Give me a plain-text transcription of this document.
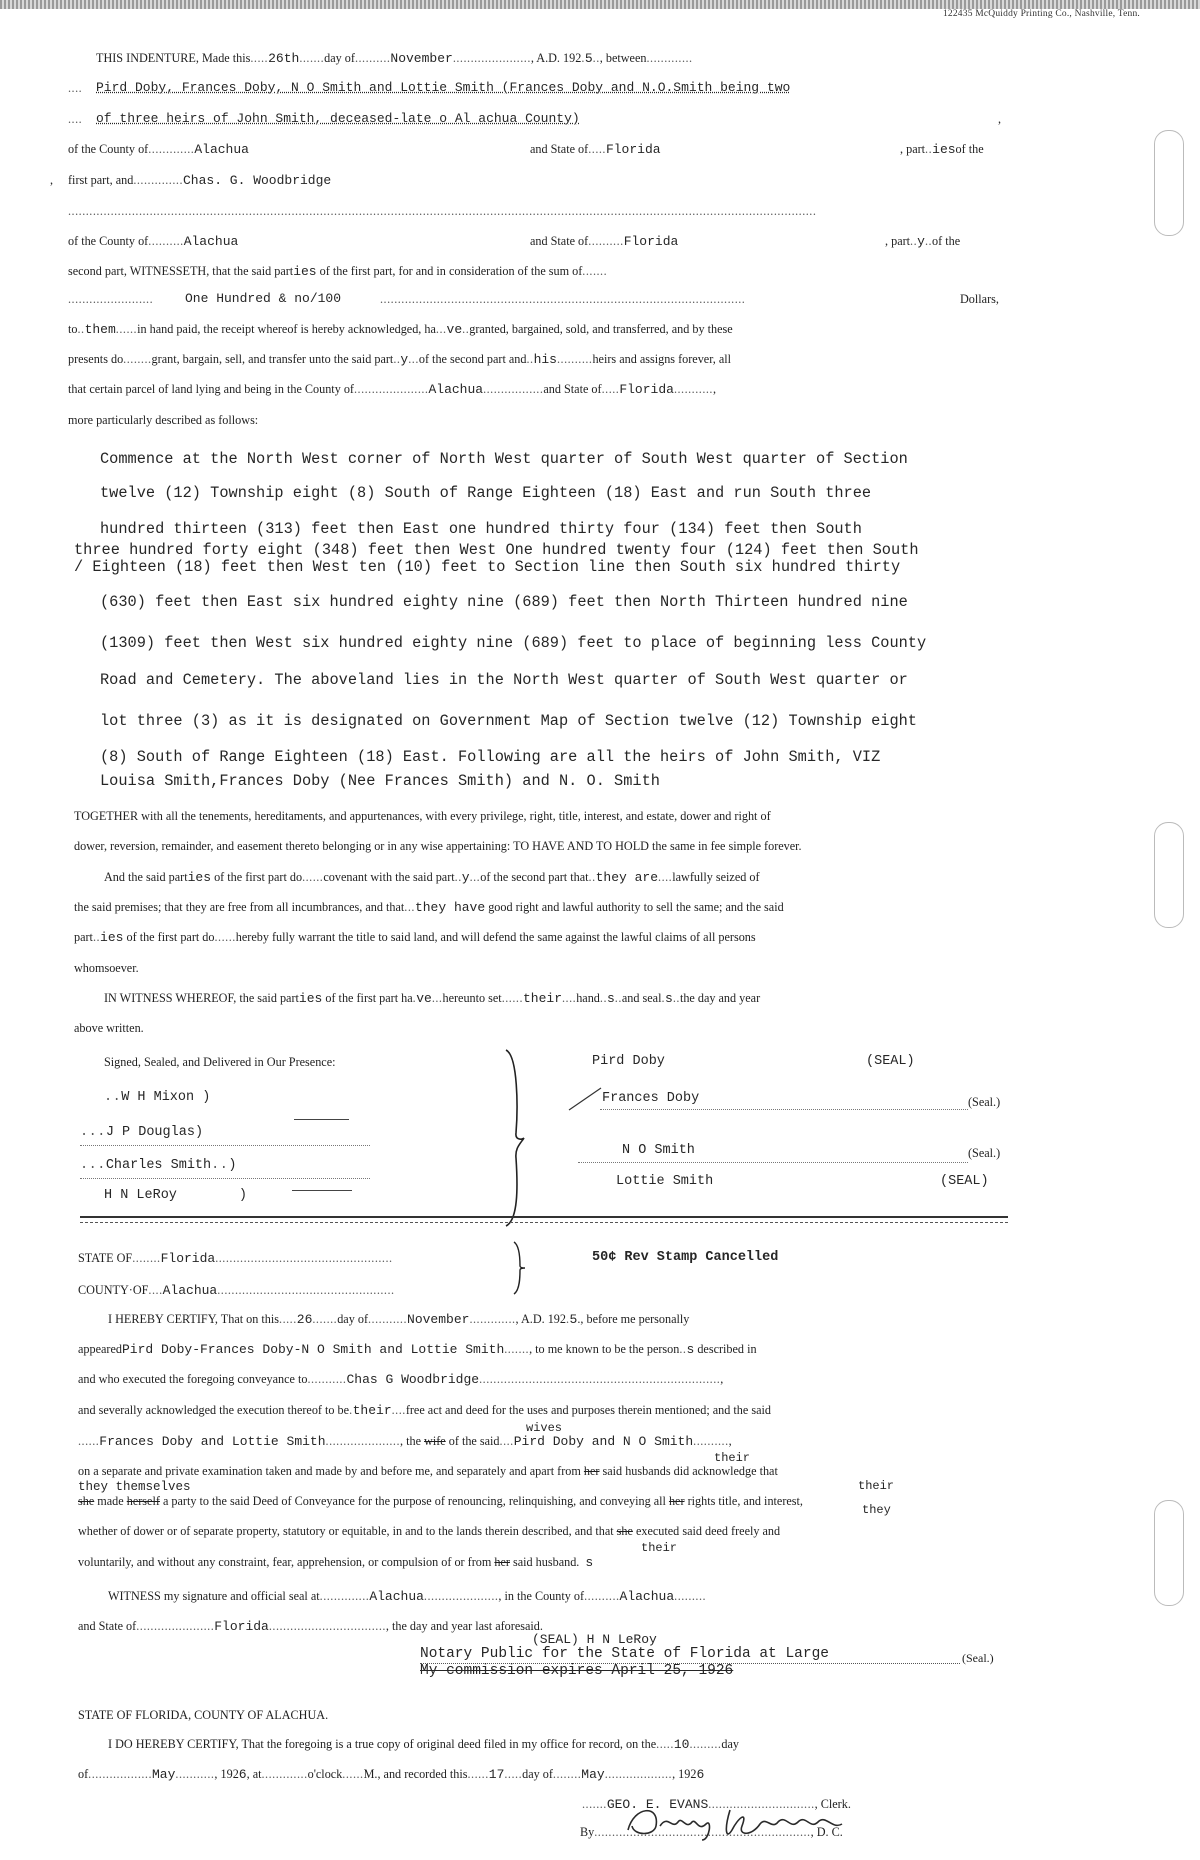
122435 McQuiddy Printing Co., Nashville, Tenn.
THIS INDENTURE, Made this.....26th.......day of..........November......................, A.D. 192.5.., between.............
.... Pird Doby, Frances Doby, N O Smith and Lottie Smith (Frances Doby and N.O.Smith being two
.... of three heirs of John Smith, deceased-late o Al achua County)	,
of the County of.............Alachua	and State of.....Florida	, part..iesof the
, first part, and..............Chas. G. Woodbridge
...................................................................................................................................................................................................................
of the County of..........Alachua	and State of..........Florida	, part..y..of the
second part, WITNESSETH, that the said parties of the first part, for and in consideration of the sum of.......
........................ One Hundred & no/100	.......................................................................................................	Dollars,
to..them......in hand paid, the receipt whereof is hereby acknowledged, ha...ve..granted, bargained, sold, and transferred, and by these
presents do........grant, bargain, sell, and transfer unto the said part..y...of the second part and..his..........heirs and assigns forever, all
that certain parcel of land lying and being in the County of.....................Alachua.................and State of.....Florida...........,
more particularly described as follows:
Commence at the North West corner of North West quarter of South West quarter of Section
twelve (12) Township eight (8) South of Range Eighteen (18) East and run South three
hundred thirteen (313) feet then East one hundred thirty four (134) feet then South
three hundred forty eight (348) feet then West One hundred twenty four (124) feet then South
/ Eighteen (18) feet then West ten (10) feet to Section line then South six hundred thirty
(630) feet then East six hundred eighty nine (689) feet then North Thirteen hundred nine
(1309) feet then West six hundred eighty nine (689) feet to place of beginning less County
Road and Cemetery. The aboveland lies in the North West quarter of South West quarter or
lot three (3) as it is designated on Government Map of Section twelve (12) Township eight
(8) South of Range Eighteen (18) East. Following are all the heirs of John Smith, VIZ
Louisa Smith,Frances Doby (Nee Frances Smith) and N. O. Smith
TOGETHER with all the tenements, hereditaments, and appurtenances, with every privilege, right, title, interest, and estate, dower and right of
dower, reversion, remainder, and easement thereto belonging or in any wise appertaining: TO HAVE AND TO HOLD the same in fee simple forever.
And the said parties of the first part do......covenant with the said part..y...of the second part that..they are....lawfully seized of
the said premises; that they are free from all incumbrances, and that...they have good right and lawful authority to sell the same; and the said
part..ies of the first part do......hereby fully warrant the title to said land, and will defend the same against the lawful claims of all persons
whomsoever.
IN WITNESS WHEREOF, the said parties of the first part ha.ve...hereunto set......their....hand..s..and seal.s..the day and year
above written.
Signed, Sealed, and Delivered in Our Presence:
..W H Mixon )
...J P Douglas)
...Charles Smith..)
H N LeRoy	)
Pird Doby	(SEAL)
Frances Doby	(Seal.)
N O Smith	(Seal.)
Lottie Smith	(SEAL)
STATE OF........Florida..................................................	50¢ Rev Stamp Cancelled
COUNTY·OF....Alachua..................................................
I HEREBY CERTIFY, That on this.....26.......day of...........November............., A.D. 192.5., before me personally
appearedPird Doby-Frances Doby-N O Smith and Lottie Smith......., to me known to be the person..s described in
and who executed the foregoing conveyance to...........Chas G Woodbridge....................................................................,
and severally acknowledged the execution thereof to be.their....free act and deed for the uses and purposes therein mentioned; and the said
......Frances Doby and Lottie Smith....................., the wife of the said....Pird Doby and N O Smith..........,
wives
on a separate and private examination taken and made by and before me, and separately and apart from her said husbands did acknowledge that
their
she made herself a party to the said Deed of Conveyance for the purpose of renouncing, relinquishing, and conveying all her rights title, and interest,
they themselves	their
they
whether of dower or of separate property, statutory or equitable, in and to the lands therein described, and that she executed said deed freely and
voluntarily, and without any constraint, fear, apprehension, or compulsion of or from her said husband. s
their
WITNESS my signature and official seal at..............Alachua....................., in the County of..........Alachua.........
and State of......................Florida................................., the day and year last aforesaid.
(SEAL) H N LeRoy
Notary Public for the State of Florida at Large	(Seal.)
My commission expires April 25, 1926
STATE OF FLORIDA, COUNTY OF ALACHUA.
I DO HEREBY CERTIFY, That the foregoing is a true copy of original deed filed in my office for record, on the.....10.........day
of..................May..........., 1926, at.............o'clock......M., and recorded this......17.....day of........May..................., 1926
.......GEO. E. EVANS.............................., Clerk.
By............................................................., D. C.
